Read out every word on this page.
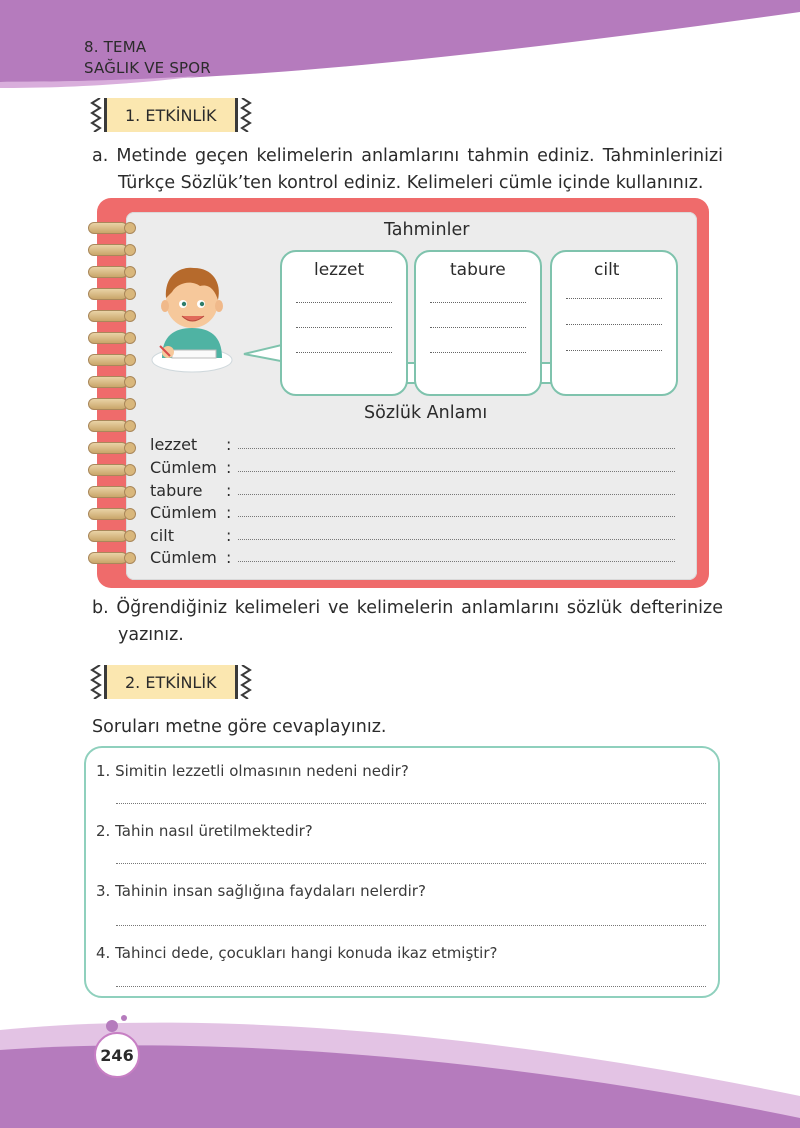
8. TEMA
SAĞLIK VE SPOR
1. ETKİNLİK
a. Metinde geçen kelimelerin anlamlarını tahmin ediniz. Tahminlerinizi Türkçe Sözlük’ten kontrol ediniz. Kelimeleri cümle içinde kullanınız.
Tahminler
lezzet	tabure	cilt
Sözlük Anlamı
lezzet	:
Cümlem :
tabure	:
Cümlem :
cilt	:
Cümlem :
b. Öğrendiğiniz kelimeleri ve kelimelerin anlamlarını sözlük defterinize yazınız.
2. ETKİNLİK
Soruları metne göre cevaplayınız.
1. Simitin lezzetli olmasının nedeni nedir?
2. Tahin nasıl üretilmektedir?
3. Tahinin insan sağlığına faydaları nelerdir?
4. Tahinci dede, çocukları hangi konuda ikaz etmiştir?
246
